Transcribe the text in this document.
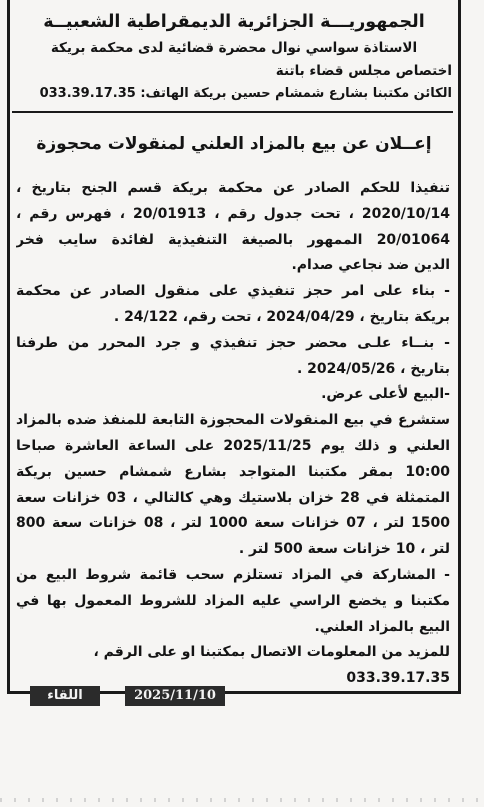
الجمهوريـــة الجزائرية الديمقراطية الشعبيــة
الاستاذة سواسي نوال محضرة قضائية لدى محكمة بريكة
اختصاص مجلس قضاء باتنة
الكائن مكتبنا بشارع شمشام حسين بريكة الهاتف: 033.39.17.35
إعــلان عن بيع بالمزاد العلني لمنقولات محجوزة
تنفيذا للحكم الصادر عن محكمة بريكة قسم الجنح بتاريخ ،
2020/10/14 ، تحت جدول رقم ، 20/01913 ، فهرس رقم ،
20/01064 الممهور بالصيغة التنفيذية لفائدة سايب فخر
الدين ضد نجاعي صدام.
- بناء على امر حجز تنفيذي على منقول الصادر عن محكمة
بريكة بتاريخ ، 2024/04/29 ، تحت رقم، 24/122 .
- بنــاء علـى محضر حجز تنفيذي و جرد المحرر من طرفنا
بتاريخ ، 2024/05/26 .
-البيع لأعلى عرض.
ستشرع في بيع المنقولات المحجوزة التابعة للمنفذ ضده بالمزاد
العلني و ذلك يوم 2025/11/25 على الساعة العاشرة صباحا
10:00 بمقر مكتبنا المتواجد بشارع شمشام حسين بريكة
المتمثلة في 28 خزان بلاستيك وهي كالتالي ، 03 خزانات سعة
1500 لتر ، 07 خزانات سعة 1000 لتر ، 08 خزانات سعة 800
لتر ، 10 خزانات سعة 500 لتر .
- المشاركة في المزاد تستلزم سحب قائمة شروط البيع من
مكتبنا و يخضع الراسي عليه المزاد للشروط المعمول بها في
البيع بالمزاد العلني.
للمزيد من المعلومات الاتصال بمكتبنا او على الرقم ،
033.39.17.35
اللقاء	2025/11/10
